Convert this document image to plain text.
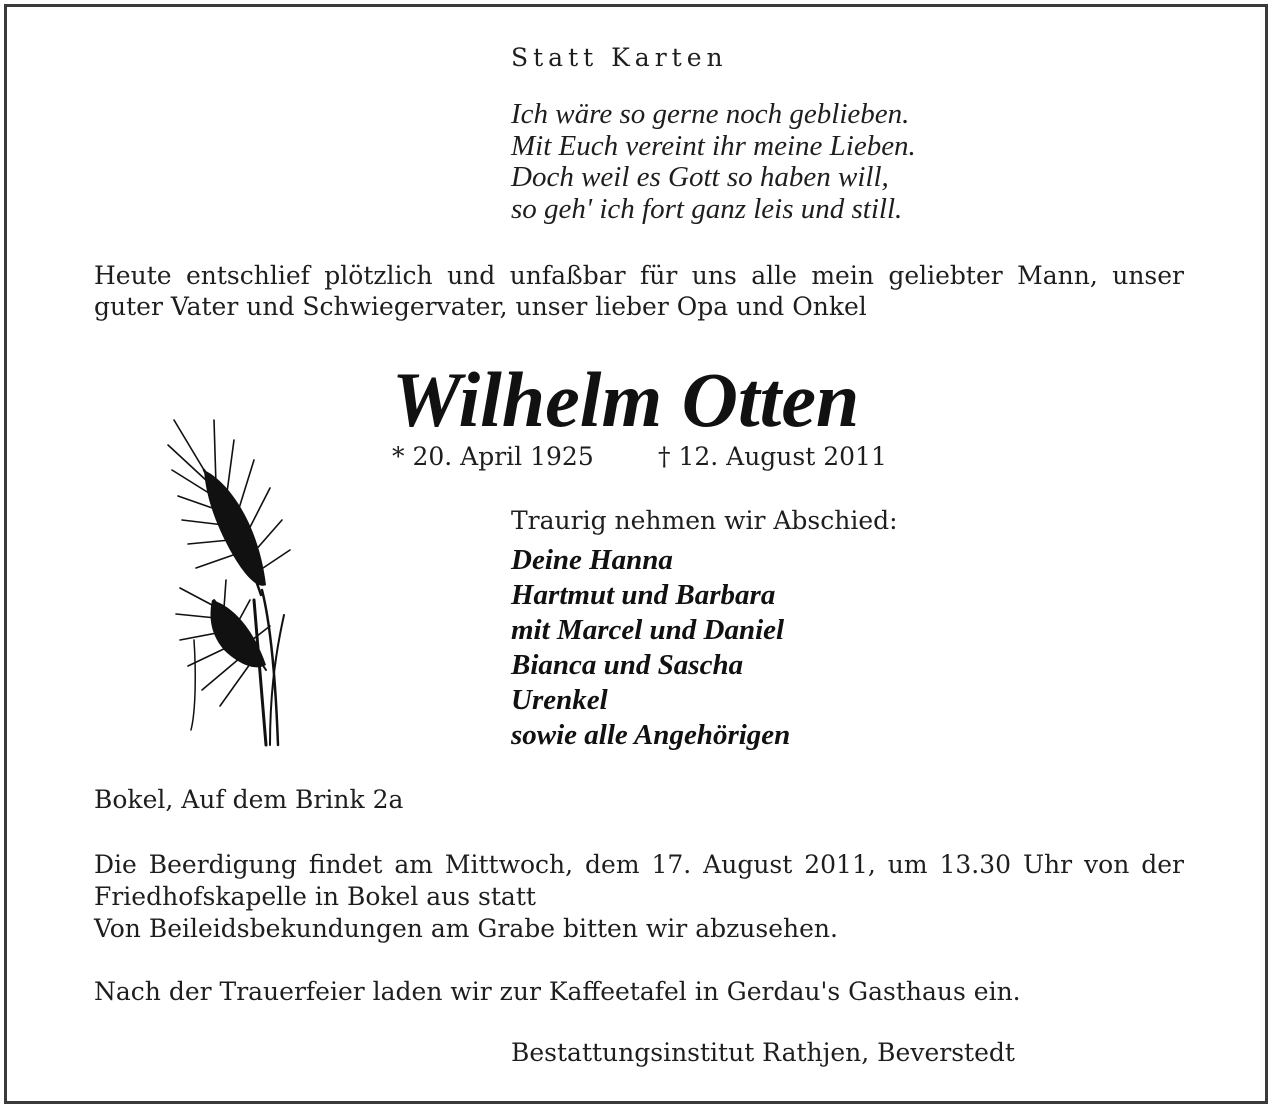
Statt Karten
Ich wäre so gerne noch geblieben.
Mit Euch vereint ihr meine Lieben.
Doch weil es Gott so haben will,
so geh' ich fort ganz leis und still.
Heute entschlief plötzlich und unfaßbar für uns alle mein geliebter Mann, unser guter Vater und Schwiegervater, unser lieber Opa und Onkel
Wilhelm Otten
* 20. April 1925	† 12. August 2011
Traurig nehmen wir Abschied:
Deine Hanna
Hartmut und Barbara
mit Marcel und Daniel
Bianca und Sascha
Urenkel
sowie alle Angehörigen
Bokel, Auf dem Brink 2a
Die Beerdigung findet am Mittwoch, dem 17. August 2011, um 13.30 Uhr von der
Friedhofskapelle in Bokel aus statt
Von Beileidsbekundungen am Grabe bitten wir abzusehen.
Nach der Trauerfeier laden wir zur Kaffeetafel in Gerdau's Gasthaus ein.
Bestattungsinstitut Rathjen, Beverstedt
